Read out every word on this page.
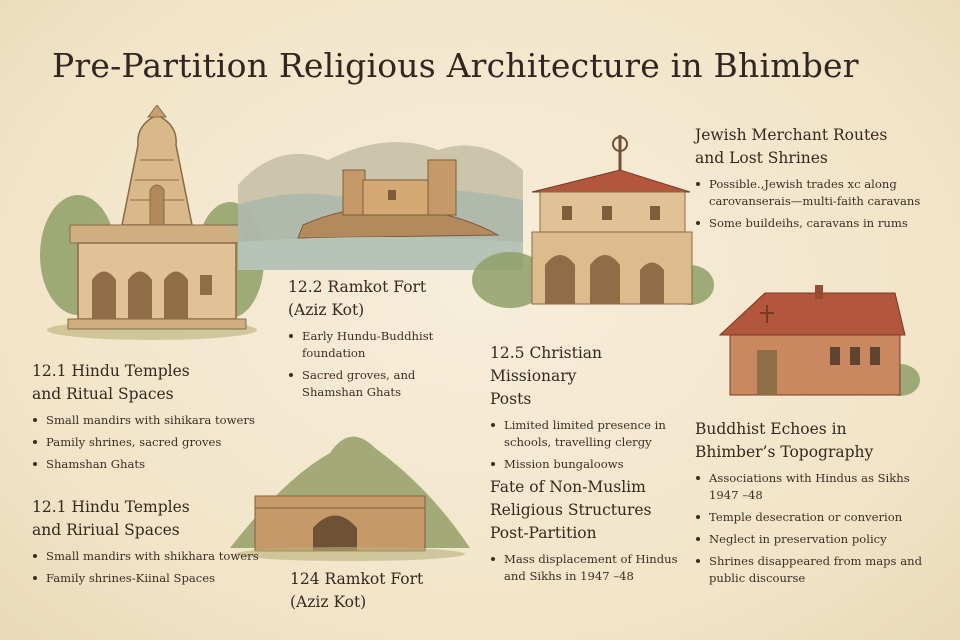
Pre-Partition Religious Architecture in Bhimber
12.1 Hindu Temples
and Ritual Spaces
Small mandirs with sihikara towers
Pamily shrines, sacred groves
Shamshan Ghats
12.1 Hindu Temples
and Ririual Spaces
Small mandirs with shikhara towers
Family shrines-Kiinal Spaces
12.2 Ramkot Fort
(Aziz Kot)
Early Hundu-Buddhist foundation
Sacred groves, and Shamshan Ghats
124 Ramkot Fort
(Aziz Kot)
12.5 Christian Missionary
Posts
Limited limited presence in schools, travelling clergy
Mission bungaloows
Fate of Non-Muslim
Religious Structures
Post-Partition
Mass displacement of Hindus and Sikhs in 1947 –48
Jewish Merchant Routes
and Lost Shrines
Possible.,Jewish trades ⅹc along carovanserais—multi-faith caravans
Some buildeihs, caravans in rums
Buddhist Echoes in
Bhimber’s Topography
Associations with Hindus as Sikhs 1947 –48
Temple desecration or converion
Neglect in preservation policy
Shrines disappeared from maps and public discourse
